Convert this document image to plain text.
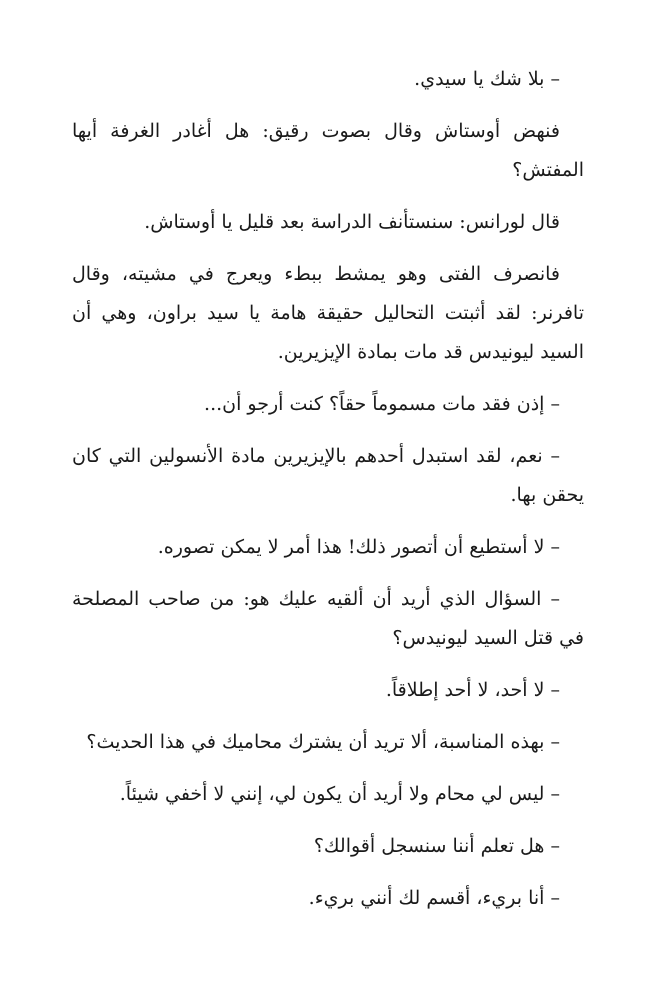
– بلا شك يا سيدي.

فنهض أوستاش وقال بصوت رقيق: هل أغادر الغرفة أيها المفتش؟

قال لورانس: سنستأنف الدراسة بعد قليل يا أوستاش.

فانصرف الفتى وهو يمشط ببطء ويعرج في مشيته، وقال تافرنر: لقد أثبتت التحاليل حقيقة هامة يا سيد براون، وهي أن السيد ليونيدس قد مات بمادة الإيزيرين.

– إذن فقد مات مسموماً حقاً؟ كنت أرجو أن...

– نعم، لقد استبدل أحدهم بالإيزيرين مادة الأنسولين التي كان يحقن بها.

– لا أستطيع أن أتصور ذلك! هذا أمر لا يمكن تصوره.

– السؤال الذي أريد أن ألقيه عليك هو: من صاحب المصلحة في قتل السيد ليونيدس؟

– لا أحد، لا أحد إطلاقاً.

– بهذه المناسبة، ألا تريد أن يشترك محاميك في هذا الحديث؟

– ليس لي محام ولا أريد أن يكون لي، إنني لا أخفي شيئاً.

– هل تعلم أننا سنسجل أقوالك؟

– أنا بريء، أقسم لك أنني بريء.
